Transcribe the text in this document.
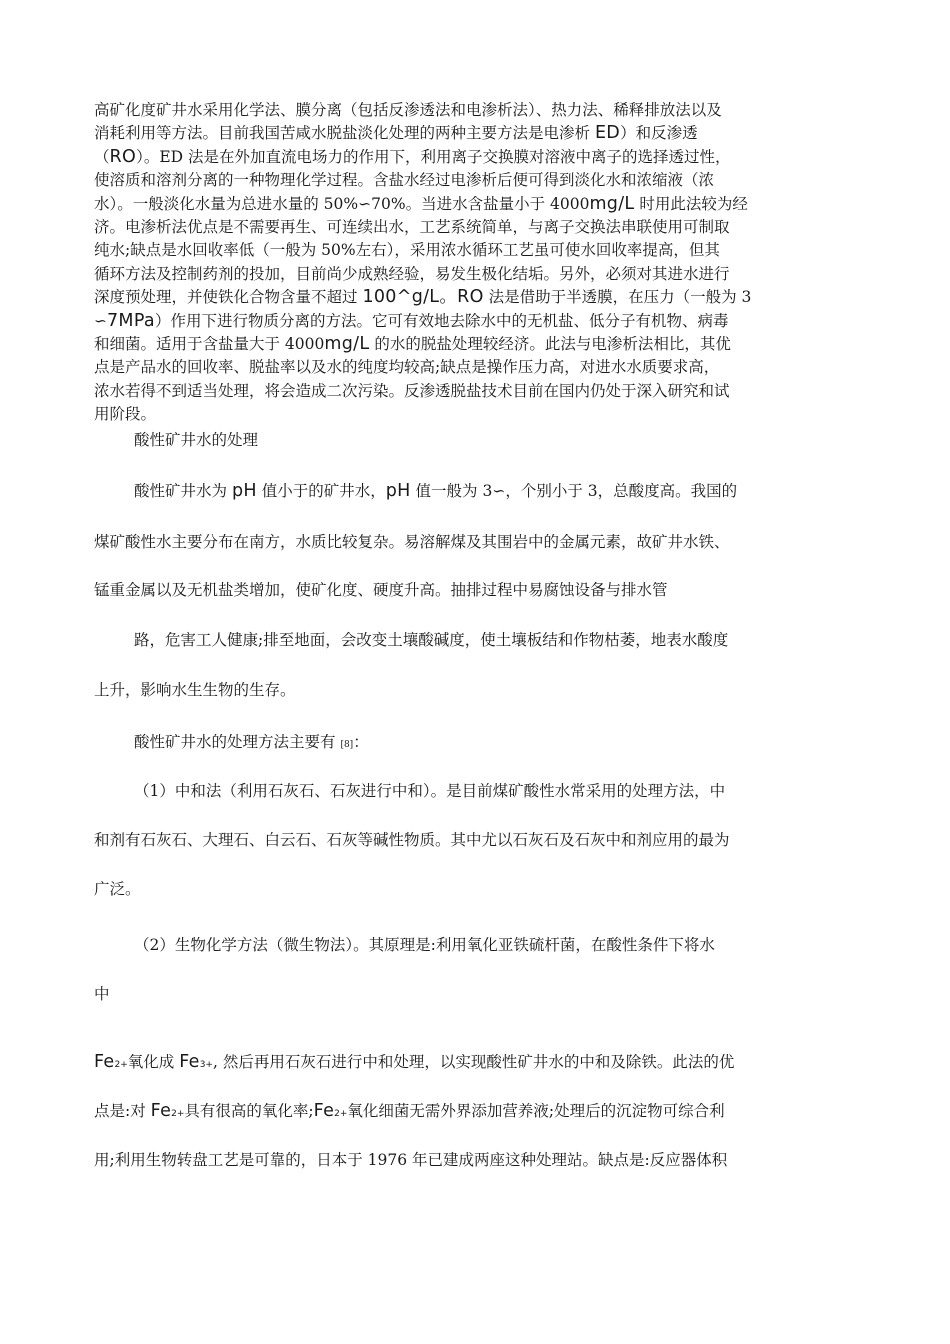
高矿化度矿井水采用化学法、膜分离（包括反渗透法和电渗析法）、热力法、稀释排放法以及
消耗利用等方法。目前我国苦咸水脱盐淡化处理的两种主要方法是电渗析 ED）和反渗透
（RO）。ED 法是在外加直流电场力的作用下，利用离子交换膜对溶液中离子的选择透过性，
使溶质和溶剂分离的一种物理化学过程。含盐水经过电渗析后便可得到淡化水和浓缩液（浓
水）。一般淡化水量为总进水量的 50%∽70%。当进水含盐量小于 4000mg/L 时用此法较为经
济。电渗析法优点是不需要再生、可连续出水，工艺系统简单，与离子交换法串联使用可制取
纯水;缺点是水回收率低（一般为 50%左右），采用浓水循环工艺虽可使水回收率提高，但其
循环方法及控制药剂的投加，目前尚少成熟经验，易发生极化结垢。另外，必须对其进水进行
深度预处理，并使铁化合物含量不超过 100^g/L。RO 法是借助于半透膜，在压力（一般为 3
∽7MPa）作用下进行物质分离的方法。它可有效地去除水中的无机盐、低分子有机物、病毒
和细菌。适用于含盐量大于 4000mg/L 的水的脱盐处理较经济。此法与电渗析法相比，其优
点是产品水的回收率、脱盐率以及水的纯度均较高;缺点是操作压力高，对进水水质要求高，
浓水若得不到适当处理，将会造成二次污染。反渗透脱盐技术目前在国内仍处于深入研究和试
用阶段。
酸性矿井水的处理
酸性矿井水为 pH 值小于的矿井水，pH 值一般为 3∽，个别小于 3，总酸度高。我国的
煤矿酸性水主要分布在南方，水质比较复杂。易溶解煤及其围岩中的金属元素，故矿井水铁、
锰重金属以及无机盐类增加，使矿化度、硬度升高。抽排过程中易腐蚀设备与排水管
路，危害工人健康;排至地面，会改变土壤酸碱度，使土壤板结和作物枯萎，地表水酸度
上升，影响水生生物的生存。
酸性矿井水的处理方法主要有 [8]：
（1）中和法（利用石灰石、石灰进行中和）。是目前煤矿酸性水常采用的处理方法，中
和剂有石灰石、大理石、白云石、石灰等碱性物质。其中尤以石灰石及石灰中和剂应用的最为
广泛。
（2）生物化学方法（微生物法）。其原理是:利用氧化亚铁硫杆菌，在酸性条件下将水
中
Fe2+氧化成 Fe3+, 然后再用石灰石进行中和处理，以实现酸性矿井水的中和及除铁。此法的优
点是:对 Fe2+具有很高的氧化率;Fe2+氧化细菌无需外界添加营养液;处理后的沉淀物可综合利
用;利用生物转盘工艺是可靠的，日本于 1976 年已建成两座这种处理站。缺点是:反应器体积
